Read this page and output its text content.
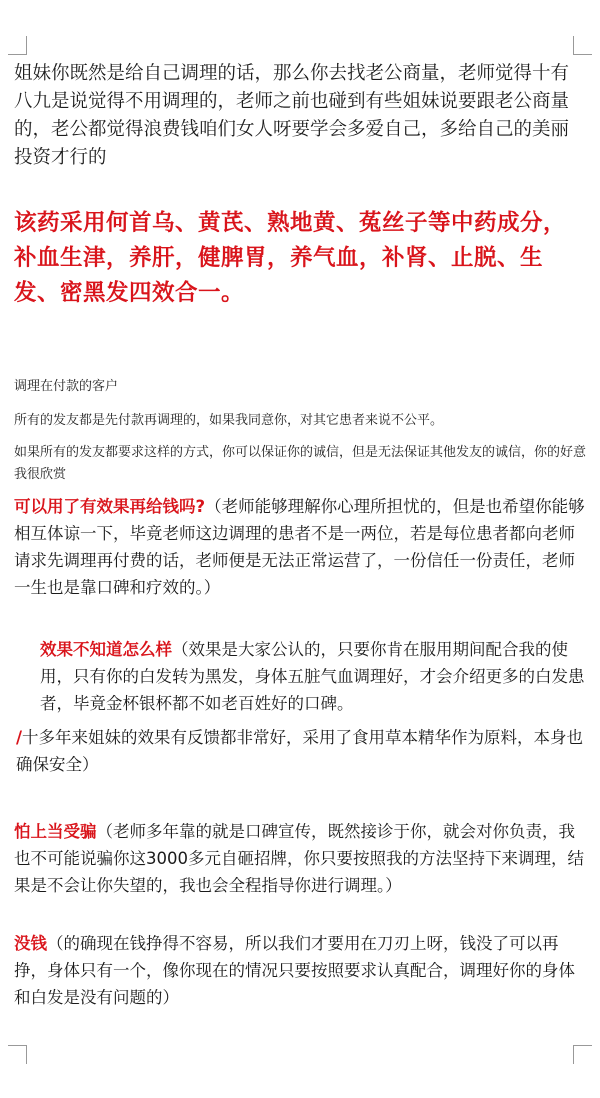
姐妹你既然是给自己调理的话，那么你去找老公商量，老师觉得十有八九是说觉得不用调理的，老师之前也碰到有些姐妹说要跟老公商量的，老公都觉得浪费钱咱们女人呀要学会多爱自己，多给自己的美丽投资才行的

该药采用何首乌、黄芪、熟地黄、菟丝子等中药成分，补血生津，养肝，健脾胃，养气血，补肾、止脱、生发、密黑发四效合一。

调理在付款的客户

所有的发友都是先付款再调理的，如果我同意你，对其它患者来说不公平。

如果所有的发友都要求这样的方式，你可以保证你的诚信，但是无法保证其他发友的诚信，你的好意我很欣赏

可以用了有效果再给钱吗?（老师能够理解你心理所担忧的，但是也希望你能够相互体谅一下，毕竟老师这边调理的患者不是一两位，若是每位患者都向老师请求先调理再付费的话，老师便是无法正常运营了，一份信任一份责任，老师一生也是靠口碑和疗效的。）

效果不知道怎么样（效果是大家公认的，只要你肯在服用期间配合我的使用，只有你的白发转为黑发，身体五脏气血调理好，才会介绍更多的白发患者，毕竟金杯银杯都不如老百姓好的口碑。

/十多年来姐妹的效果有反馈都非常好，采用了食用草本精华作为原料，本身也确保安全）

怕上当受骗（老师多年靠的就是口碑宣传，既然接诊于你，就会对你负责，我也不可能说骗你这3000多元自砸招牌，你只要按照我的方法坚持下来调理，结果是不会让你失望的，我也会全程指导你进行调理。）

没钱（的确现在钱挣得不容易，所以我们才要用在刀刃上呀，钱没了可以再挣，身体只有一个，像你现在的情况只要按照要求认真配合，调理好你的身体和白发是没有问题的）
